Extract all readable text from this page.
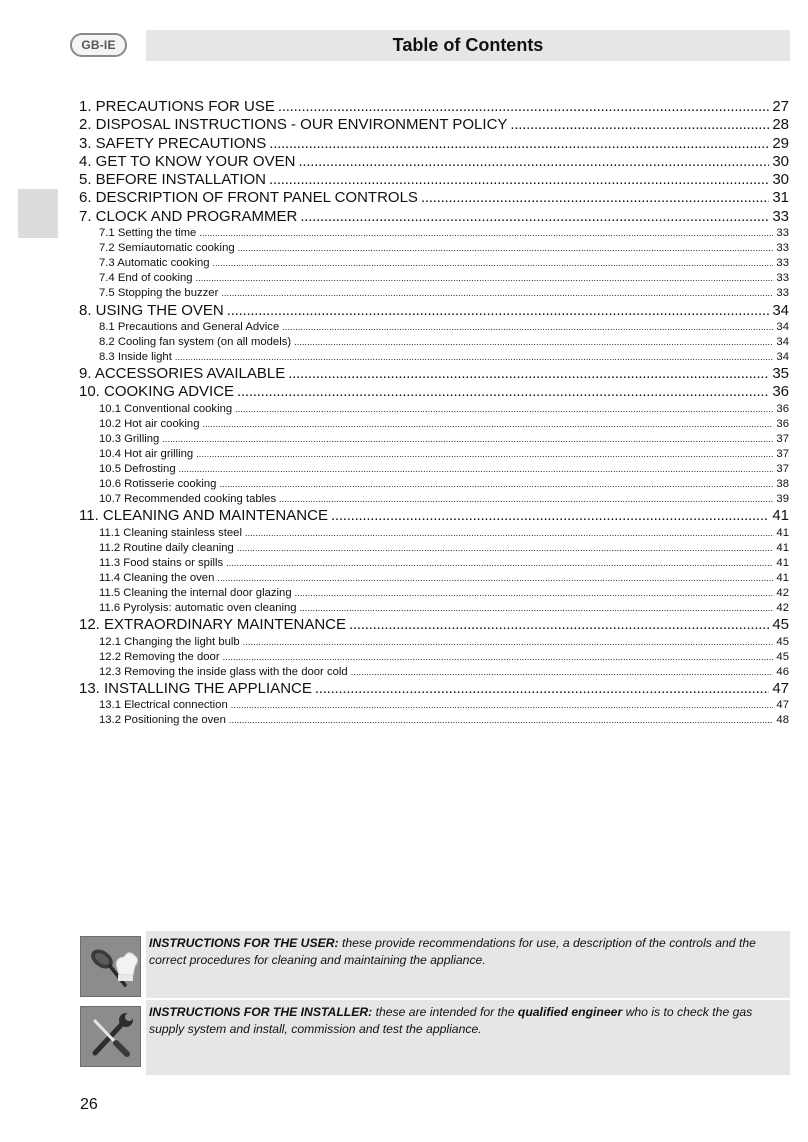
GB-IE	Table of Contents
1. PRECAUTIONS FOR USE . . .	27
2. DISPOSAL INSTRUCTIONS - OUR ENVIRONMENT POLICY . . .	28
3. SAFETY PRECAUTIONS . . .	29
4. GET TO KNOW YOUR OVEN . . .	30
5. BEFORE INSTALLATION . . .	30
6. DESCRIPTION OF FRONT PANEL CONTROLS . . .	31
7. CLOCK AND PROGRAMMER . . .	33
7.1 Setting the time . . .	33
7.2 Semiautomatic cooking . . .	33
7.3 Automatic cooking . . .	33
7.4 End of cooking . . .	33
7.5 Stopping the buzzer . . .	33
8. USING THE OVEN . . .	34
8.1 Precautions and General Advice . . .	34
8.2 Cooling fan system (on all models) . . .	34
8.3 Inside light . . .	34
9. ACCESSORIES AVAILABLE . . .	35
10. COOKING ADVICE . . .	36
10.1 Conventional cooking . . .	36
10.2 Hot air cooking . . .	36
10.3 Grilling . . .	37
10.4 Hot air grilling . . .	37
10.5 Defrosting . . .	37
10.6 Rotisserie cooking . . .	38
10.7 Recommended cooking tables . . .	39
11. CLEANING AND MAINTENANCE . . .	41
11.1 Cleaning stainless steel . . .	41
11.2 Routine daily cleaning . . .	41
11.3 Food stains or spills . . .	41
11.4 Cleaning the oven . . .	41
11.5 Cleaning the internal door glazing . . .	42
11.6 Pyrolysis: automatic oven cleaning . . .	42
12. EXTRAORDINARY MAINTENANCE . . .	45
12.1 Changing the light bulb . . .	45
12.2 Removing the door . . .	45
12.3 Removing the inside glass with the door cold . . .	46
13. INSTALLING THE APPLIANCE . . .	47
13.1 Electrical connection . . .	47
13.2 Positioning the oven . . .	48
INSTRUCTIONS FOR THE USER: these provide recommendations for use, a description of the controls and the correct procedures for cleaning and maintaining the appliance.
INSTRUCTIONS FOR THE INSTALLER: these are intended for the qualified engineer who is to check the gas supply system and install, commission and test the appliance.
26
